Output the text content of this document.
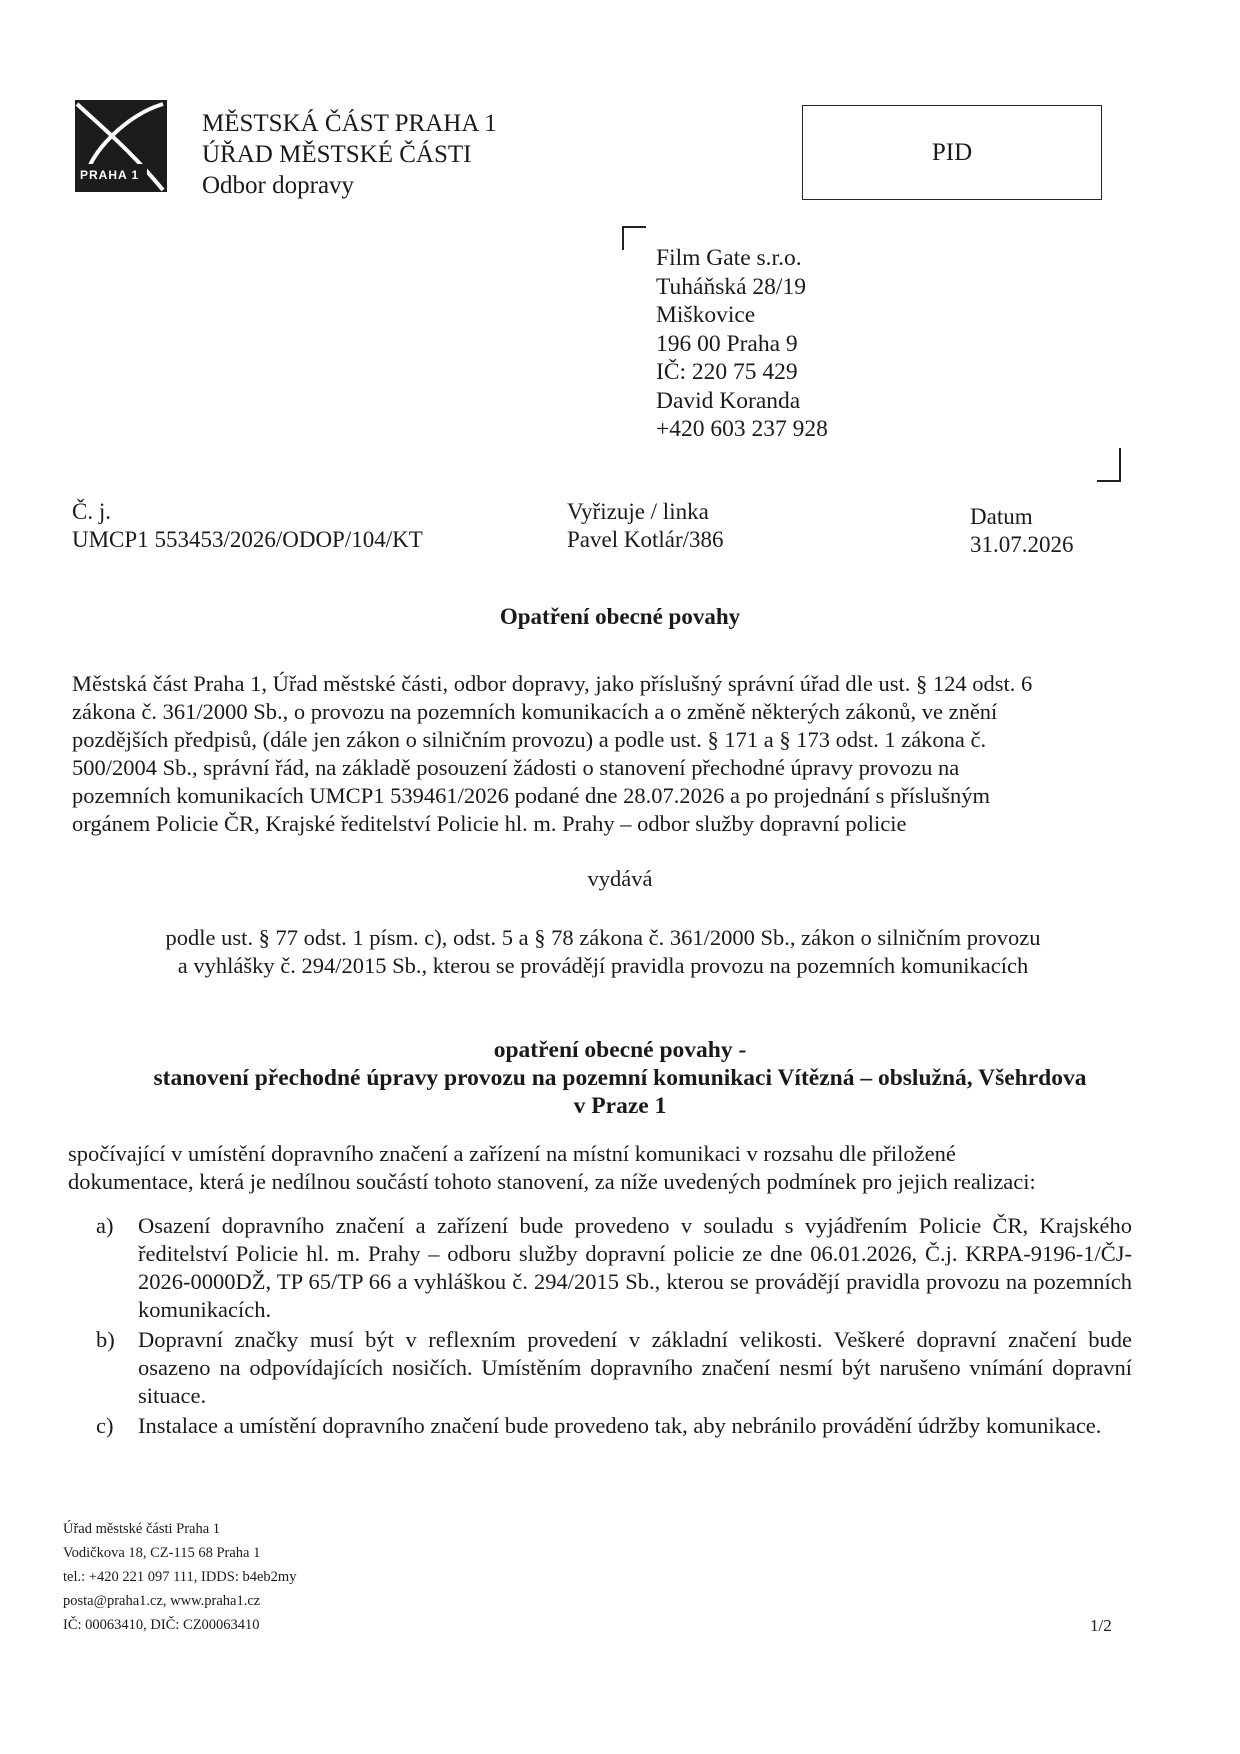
PRAHA 1
MĚSTSKÁ ČÁST PRAHA 1
ÚŘAD MĚSTSKÉ ČÁSTI
Odbor dopravy
PID
Film Gate s.r.o.
Tuháňská 28/19
Miškovice
196 00 Praha 9
IČ: 220 75 429
David Koranda
+420 603 237 928
Č. j.
UMCP1 553453/2026/ODOP/104/KT
Vyřizuje / linka
Pavel Kotlár/386
Datum
31.07.2026
Opatření obecné povahy

Městská část Praha 1, Úřad městské části, odbor dopravy, jako příslušný správní úřad dle ust. § 124 odst. 6

zákona č. 361/2000 Sb., o provozu na pozemních komunikacích a o změně některých zákonů, ve znění

pozdějších předpisů, (dále jen zákon o silničním provozu) a podle ust. § 171 a § 173 odst. 1 zákona č.

500/2004 Sb., správní řád, na základě posouzení žádosti o stanovení přechodné úpravy provozu na

pozemních komunikacích UMCP1 539461/2026 podané dne 28.07.2026 a po projednání s příslušným

orgánem Policie ČR, Krajské ředitelství Policie hl. m. Prahy – odbor služby dopravní policie

vydává
podle ust. § 77 odst. 1 písm. c), odst. 5 a § 78 zákona č. 361/2000 Sb., zákon o silničním provozu
a vyhlášky č. 294/2015 Sb., kterou se provádějí pravidla provozu na pozemních komunikacích
opatření obecné povahy -
stanovení přechodné úpravy provozu na pozemní komunikaci Vítězná – obslužná, Všehrdova
v Praze 1

spočívající v umístění dopravního značení a zařízení na místní komunikaci v rozsahu dle přiložené

dokumentace, která je nedílnou součástí tohoto stanovení, za níže uvedených podmínek pro jejich realizaci:

a)	Osazení dopravního značení a zařízení bude provedeno v souladu s vyjádřením Policie ČR, Krajského ředitelství Policie hl. m. Prahy – odboru služby dopravní policie ze dne 06.01.2026, Č.j. KRPA-9196-1/ČJ-2026-0000DŽ, TP 65/TP 66 a vyhláškou č. 294/2015 Sb., kterou se provádějí pravidla provozu na pozemních komunikacích.
b)	Dopravní značky musí být v reflexním provedení v základní velikosti. Veškeré dopravní značení bude osazeno na odpovídajících nosičích. Umístěním dopravního značení nesmí být narušeno vnímání dopravní situace.
c)	Instalace a umístění dopravního značení bude provedeno tak, aby nebránilo provádění údržby komunikace.
Úřad městské části Praha 1
Vodičkova 18, CZ-115 68 Praha 1
tel.: +420 221 097 111, IDDS: b4eb2my
posta@praha1.cz, www.praha1.cz
IČ: 00063410, DIČ: CZ00063410	1/2
